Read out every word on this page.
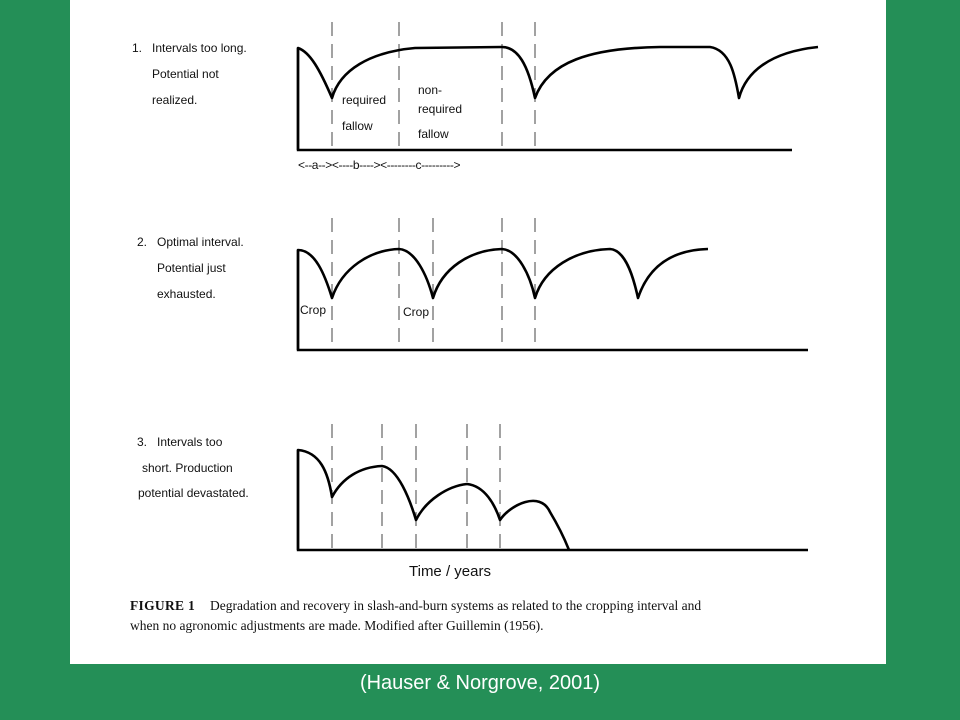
1. Intervals too long.
Potential not
realized.	required
fallow
non-
required
fallow
<--a--><----b----><--------c--------->
2. Optimal interval.
Potential just
exhausted.
Crop	Crop
3. Intervals too
short. Production
potential devastated.
Time / years
FIGURE 1 Degradation and recovery in slash-and-burn systems as related to the cropping interval and
when no agronomic adjustments are made. Modified after Guillemin (1956).
(Hauser & Norgrove, 2001)
